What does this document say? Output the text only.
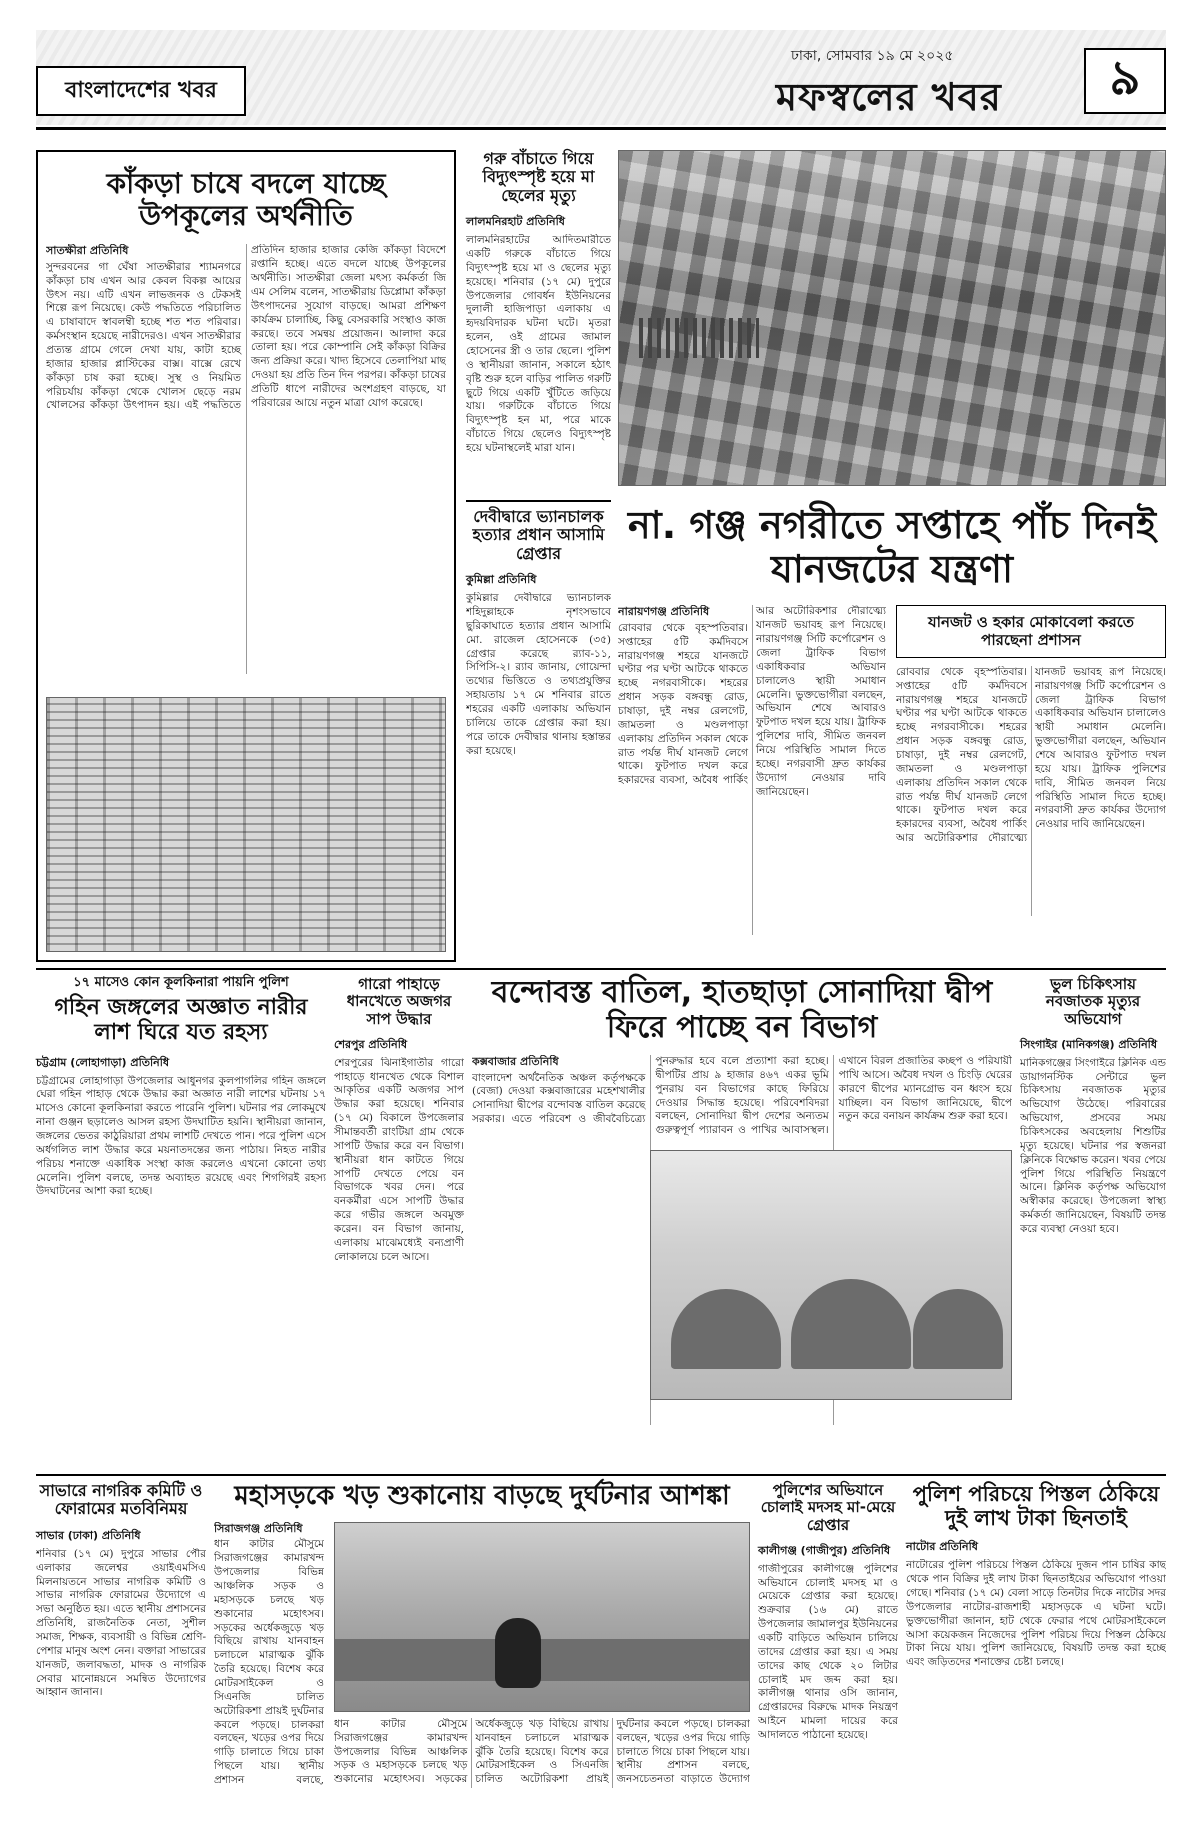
বাংলাদেশের খবর
ঢাকা, সোমবার ১৯ মে ২০২৫
মফস্বলের খবর	৯
কাঁকড়া চাষে বদলে যাচ্ছে উপকূলের অর্থনীতি
সাতক্ষীরা প্রতিনিধি
সুন্দরবনের গা ঘেঁষা সাতক্ষীরার শ্যামনগরে কাঁকড়া চাষ এখন আর কেবল বিকল্প আয়ের উৎস নয়। এটি এখন লাভজনক ও টেকসই শিল্পে রূপ নিয়েছে। কেউ পদ্ধতিতে পরিচালিত এ চাষাবাদে স্বাবলম্বী হচ্ছে শত শত পরিবার। কর্মসংস্থান হয়েছে নারীদেরও। এখন সাতক্ষীরার প্রত্যন্ত গ্রামে গেলে দেখা যায়, কাটা হচ্ছে হাজার হাজার প্লাস্টিকের বাক্স। বাক্সে রেখে কাঁকড়া চাষ করা হচ্ছে। সুস্থ ও নিয়মিত পরিচর্যায় কাঁকড়া থেকে খোলস ছেড়ে নরম খোলসের কাঁকড়া উৎপাদন হয়। এই পদ্ধতিতে প্রতিদিন হাজার হাজার কেজি কাঁকড়া বিদেশে রপ্তানি হচ্ছে। এতে বদলে যাচ্ছে উপকূলের অর্থনীতি। সাতক্ষীরা জেলা মৎস্য কর্মকর্তা জি এম সেলিম বলেন, সাতক্ষীরায় ডিপ্লোমা কাঁকড়া উৎপাদনের সুযোগ বাড়ছে। আমরা প্রশিক্ষণ কার্যক্রম চালাচ্ছি, কিছু বেসরকারি সংস্থাও কাজ করছে। তবে সমন্বয় প্রয়োজন। আলাদা করে তোলা হয়। পরে কোম্পানি সেই কাঁকড়া বিক্রির জন্য প্রক্রিয়া করে। খাদ্য হিসেবে তেলাপিয়া মাছ দেওয়া হয় প্রতি তিন দিন পরপর। কাঁকড়া চাষের প্রতিটি ধাপে নারীদের অংশগ্রহণ বাড়ছে, যা পরিবারের আয়ে নতুন মাত্রা যোগ করেছে।
গরু বাঁচাতে গিয়ে বিদ্যুৎস্পৃষ্ট হয়ে মা ছেলের মৃত্যু
লালমনিরহাট প্রতিনিধি
লালমনিরহাটের আদিতমারীতে একটি গরুকে বাঁচাতে গিয়ে বিদ্যুৎস্পৃষ্ট হয়ে মা ও ছেলের মৃত্যু হয়েছে। শনিবার (১৭ মে) দুপুরে উপজেলার গোবর্ধন ইউনিয়নের দুলালী হাজিপাড়া এলাকায় এ হৃদয়বিদারক ঘটনা ঘটে। মৃতরা হলেন, ওই গ্রামের জামাল হোসেনের স্ত্রী ও তার ছেলে। পুলিশ ও স্থানীয়রা জানান, সকালে হঠাৎ বৃষ্টি শুরু হলে বাড়ির পালিত গরুটি ছুটে গিয়ে একটি খুঁটিতে জড়িয়ে যায়। গরুটিকে বাঁচাতে গিয়ে বিদ্যুৎস্পৃষ্ট হন মা, পরে মাকে বাঁচাতে গিয়ে ছেলেও বিদ্যুৎস্পৃষ্ট হয়ে ঘটনাস্থলেই মারা যান।
দেবীদ্বারে ভ্যানচালক হত্যার প্রধান আসামি গ্রেপ্তার
কুমিল্লা প্রতিনিধি
কুমিল্লার দেবীদ্বারে ভ্যানচালক শহিদুল্লাহকে নৃশংসভাবে ছুরিকাঘাতে হত্যার প্রধান আসামি মো. রাজেল হোসেনকে (৩৫) গ্রেপ্তার করেছে র‍্যাব-১১, সিপিসি-২। র‍্যাব জানায়, গোয়েন্দা তথ্যের ভিত্তিতে ও তথ্যপ্রযুক্তির সহায়তায় ১৭ মে শনিবার রাতে শহরের একটি এলাকায় অভিযান চালিয়ে তাকে গ্রেপ্তার করা হয়। পরে তাকে দেবীদ্বার থানায় হস্তান্তর করা হয়েছে।
না. গঞ্জ নগরীতে সপ্তাহে পাঁচ দিনই যানজটের যন্ত্রণা
নারায়ণগঞ্জ প্রতিনিধি
রোববার থেকে বৃহস্পতিবার। সপ্তাহের ৫টি কর্মদিবসে নারায়ণগঞ্জ শহরে যানজটে ঘণ্টার পর ঘণ্টা আটকে থাকতে হচ্ছে নগরবাসীকে। শহরের প্রধান সড়ক বঙ্গবন্ধু রোড, চাষাড়া, দুই নম্বর রেলগেট, জামতলা ও মণ্ডলপাড়া এলাকায় প্রতিদিন সকাল থেকে রাত পর্যন্ত দীর্ঘ যানজট লেগে থাকে। ফুটপাত দখল করে হকারদের ব্যবসা, অবৈধ পার্কিং আর অটোরিকশার দৌরাত্ম্যে যানজট ভয়াবহ রূপ নিয়েছে। নারায়ণগঞ্জ সিটি কর্পোরেশন ও জেলা ট্রাফিক বিভাগ একাধিকবার অভিযান চালালেও স্থায়ী সমাধান মেলেনি। ভুক্তভোগীরা বলছেন, অভিযান শেষে আবারও ফুটপাত দখল হয়ে যায়। ট্রাফিক পুলিশের দাবি, সীমিত জনবল নিয়ে পরিস্থিতি সামাল দিতে হচ্ছে। নগরবাসী দ্রুত কার্যকর উদ্যোগ নেওয়ার দাবি জানিয়েছেন।
যানজট ও হকার মোকাবেলা করতে পারছেনা প্রশাসন
রোববার থেকে বৃহস্পতিবার। সপ্তাহের ৫টি কর্মদিবসে নারায়ণগঞ্জ শহরে যানজটে ঘণ্টার পর ঘণ্টা আটকে থাকতে হচ্ছে নগরবাসীকে। শহরের প্রধান সড়ক বঙ্গবন্ধু রোড, চাষাড়া, দুই নম্বর রেলগেট, জামতলা ও মণ্ডলপাড়া এলাকায় প্রতিদিন সকাল থেকে রাত পর্যন্ত দীর্ঘ যানজট লেগে থাকে। ফুটপাত দখল করে হকারদের ব্যবসা, অবৈধ পার্কিং আর অটোরিকশার দৌরাত্ম্যে যানজট ভয়াবহ রূপ নিয়েছে। নারায়ণগঞ্জ সিটি কর্পোরেশন ও জেলা ট্রাফিক বিভাগ একাধিকবার অভিযান চালালেও স্থায়ী সমাধান মেলেনি। ভুক্তভোগীরা বলছেন, অভিযান শেষে আবারও ফুটপাত দখল হয়ে যায়। ট্রাফিক পুলিশের দাবি, সীমিত জনবল নিয়ে পরিস্থিতি সামাল দিতে হচ্ছে। নগরবাসী দ্রুত কার্যকর উদ্যোগ নেওয়ার দাবি জানিয়েছেন।
১৭ মাসেও কোন কূলকিনারা পায়নি পুলিশ
গহিন জঙ্গলের অজ্ঞাত নারীর লাশ ঘিরে যত রহস্য
চট্টগ্রাম (লোহাগাড়া) প্রতিনিধি
চট্টগ্রামের লোহাগাড়া উপজেলার আধুনগর কুলপাগলির গহিন জঙ্গলে ঘেরা গহিন পাহাড় থেকে উদ্ধার করা অজ্ঞাত নারী লাশের ঘটনায় ১৭ মাসেও কোনো কূলকিনারা করতে পারেনি পুলিশ। ঘটনার পর লোকমুখে নানা গুঞ্জন ছড়ালেও আসল রহস্য উদঘাটিত হয়নি। স্থানীয়রা জানান, জঙ্গলের ভেতর কাঠুরিয়ারা প্রথম লাশটি দেখতে পান। পরে পুলিশ এসে অর্ধগলিত লাশ উদ্ধার করে ময়নাতদন্তের জন্য পাঠায়। নিহত নারীর পরিচয় শনাক্তে একাধিক সংস্থা কাজ করলেও এখনো কোনো তথ্য মেলেনি। পুলিশ বলছে, তদন্ত অব্যাহত রয়েছে এবং শিগগিরই রহস্য উদঘাটনের আশা করা হচ্ছে।
গারো পাহাড়ে ধানখেতে অজগর সাপ উদ্ধার
শেরপুর প্রতিনিধি
শেরপুরের ঝিনাইগাতীর গারো পাহাড়ে ধানখেত থেকে বিশাল আকৃতির একটি অজগর সাপ উদ্ধার করা হয়েছে। শনিবার (১৭ মে) বিকালে উপজেলার সীমান্তবর্তী রাংটিয়া গ্রাম থেকে সাপটি উদ্ধার করে বন বিভাগ। স্থানীয়রা ধান কাটতে গিয়ে সাপটি দেখতে পেয়ে বন বিভাগকে খবর দেন। পরে বনকর্মীরা এসে সাপটি উদ্ধার করে গভীর জঙ্গলে অবমুক্ত করেন। বন বিভাগ জানায়, এলাকায় মাঝেমধ্যেই বন্যপ্রাণী লোকালয়ে চলে আসে।
বন্দোবস্ত বাতিল, হাতছাড়া সোনাদিয়া দ্বীপ ফিরে পাচ্ছে বন বিভাগ
কক্সবাজার প্রতিনিধি
বাংলাদেশ অর্থনৈতিক অঞ্চল কর্তৃপক্ষকে (বেজা) দেওয়া কক্সবাজারের মহেশখালীর সোনাদিয়া দ্বীপের বন্দোবস্ত বাতিল করেছে সরকার। এতে পরিবেশ ও জীববৈচিত্র্যে পুনরুদ্ধার হবে বলে প্রত্যাশা করা হচ্ছে। দ্বীপটির প্রায় ৯ হাজার ৪৬৭ একর ভূমি পুনরায় বন বিভাগের কাছে ফিরিয়ে দেওয়ার সিদ্ধান্ত হয়েছে। পরিবেশবিদরা বলছেন, সোনাদিয়া দ্বীপ দেশের অন্যতম গুরুত্বপূর্ণ প্যারাবন ও পাখির আবাসস্থল। এখানে বিরল প্রজাতির কচ্ছপ ও পরিযায়ী পাখি আসে। অবৈধ দখল ও চিংড়ি ঘেরের কারণে দ্বীপের ম্যানগ্রোভ বন ধ্বংস হয়ে যাচ্ছিল। বন বিভাগ জানিয়েছে, দ্বীপে নতুন করে বনায়ন কার্যক্রম শুরু করা হবে।
ভুল চিকিৎসায় নবজাতক মৃত্যুর অভিযোগ
সিংগাইর (মানিকগঞ্জ) প্রতিনিধি
মানিকগঞ্জের সিংগাইরে ক্লিনিক এন্ড ডায়াগনস্টিক সেন্টারে ভুল চিকিৎসায় নবজাতক মৃত্যুর অভিযোগ উঠেছে। পরিবারের অভিযোগ, প্রসবের সময় চিকিৎসকের অবহেলায় শিশুটির মৃত্যু হয়েছে। ঘটনার পর স্বজনরা ক্লিনিকে বিক্ষোভ করেন। খবর পেয়ে পুলিশ গিয়ে পরিস্থিতি নিয়ন্ত্রণে আনে। ক্লিনিক কর্তৃপক্ষ অভিযোগ অস্বীকার করেছে। উপজেলা স্বাস্থ্য কর্মকর্তা জানিয়েছেন, বিষয়টি তদন্ত করে ব্যবস্থা নেওয়া হবে।
সাভারে নাগরিক কমিটি ও ফোরামের মতবিনিময়
সাভার (ঢাকা) প্রতিনিধি
শনিবার (১৭ মে) দুপুরে সাভার পৌর এলাকার জলেশ্বর ওয়াইএমসিএ মিলনায়তনে সাভার নাগরিক কমিটি ও সাভার নাগরিক ফোরামের উদ্যোগে এ সভা অনুষ্ঠিত হয়। এতে স্থানীয় প্রশাসনের প্রতিনিধি, রাজনৈতিক নেতা, সুশীল সমাজ, শিক্ষক, ব্যবসায়ী ও বিভিন্ন শ্রেণি-পেশার মানুষ অংশ নেন। বক্তারা সাভারের যানজট, জলাবদ্ধতা, মাদক ও নাগরিক সেবার মানোন্নয়নে সমন্বিত উদ্যোগের আহ্বান জানান।
মহাসড়কে খড় শুকানোয় বাড়ছে দুর্ঘটনার আশঙ্কা
সিরাজগঞ্জ প্রতিনিধি
ধান কাটার মৌসুমে সিরাজগঞ্জের কামারখন্দ উপজেলার বিভিন্ন আঞ্চলিক সড়ক ও মহাসড়কে চলছে খড় শুকানোর মহোৎসব। সড়কের অর্ধেকজুড়ে খড় বিছিয়ে রাখায় যানবাহন চলাচলে মারাত্মক ঝুঁকি তৈরি হয়েছে। বিশেষ করে মোটরসাইকেল ও সিএনজি চালিত অটোরিকশা প্রায়ই দুর্ঘটনার কবলে পড়ছে। চালকরা বলছেন, খড়ের ওপর দিয়ে গাড়ি চালাতে গিয়ে চাকা পিছলে যায়। স্থানীয় প্রশাসন বলছে,
ধান কাটার মৌসুমে সিরাজগঞ্জের কামারখন্দ উপজেলার বিভিন্ন আঞ্চলিক সড়ক ও মহাসড়কে চলছে খড় শুকানোর মহোৎসব। সড়কের অর্ধেকজুড়ে খড় বিছিয়ে রাখায় যানবাহন চলাচলে মারাত্মক ঝুঁকি তৈরি হয়েছে। বিশেষ করে মোটরসাইকেল ও সিএনজি চালিত অটোরিকশা প্রায়ই দুর্ঘটনার কবলে পড়ছে। চালকরা বলছেন, খড়ের ওপর দিয়ে গাড়ি চালাতে গিয়ে চাকা পিছলে যায়। স্থানীয় প্রশাসন বলছে, জনসচেতনতা বাড়াতে উদ্যোগ
পুলিশের অভিযানে চোলাই মদসহ মা-মেয়ে গ্রেপ্তার
কালীগঞ্জ (গাজীপুর) প্রতিনিধি
গাজীপুরের কালীগঞ্জে পুলিশের অভিযানে চোলাই মদসহ মা ও মেয়েকে গ্রেপ্তার করা হয়েছে। শুক্রবার (১৬ মে) রাতে উপজেলার জামালপুর ইউনিয়নের একটি বাড়িতে অভিযান চালিয়ে তাদের গ্রেপ্তার করা হয়। এ সময় তাদের কাছ থেকে ২০ লিটার চোলাই মদ জব্দ করা হয়। কালীগঞ্জ থানার ওসি জানান, গ্রেপ্তারদের বিরুদ্ধে মাদক নিয়ন্ত্রণ আইনে মামলা দায়ের করে আদালতে পাঠানো হয়েছে।
পুলিশ পরিচয়ে পিস্তল ঠেকিয়ে দুই লাখ টাকা ছিনতাই
নাটোর প্রতিনিধি
নাটোরের পুলিশ পরিচয়ে পিস্তল ঠেকিয়ে দুজন পান চাষির কাছ থেকে পান বিক্রির দুই লাখ টাকা ছিনতাইয়ের অভিযোগ পাওয়া গেছে। শনিবার (১৭ মে) বেলা সাড়ে তিনটার দিকে নাটোর সদর উপজেলার নাটোর-রাজশাহী মহাসড়কে এ ঘটনা ঘটে। ভুক্তভোগীরা জানান, হাট থেকে ফেরার পথে মোটরসাইকেলে আসা কয়েকজন নিজেদের পুলিশ পরিচয় দিয়ে পিস্তল ঠেকিয়ে টাকা নিয়ে যায়। পুলিশ জানিয়েছে, বিষয়টি তদন্ত করা হচ্ছে এবং জড়িতদের শনাক্তের চেষ্টা চলছে।
